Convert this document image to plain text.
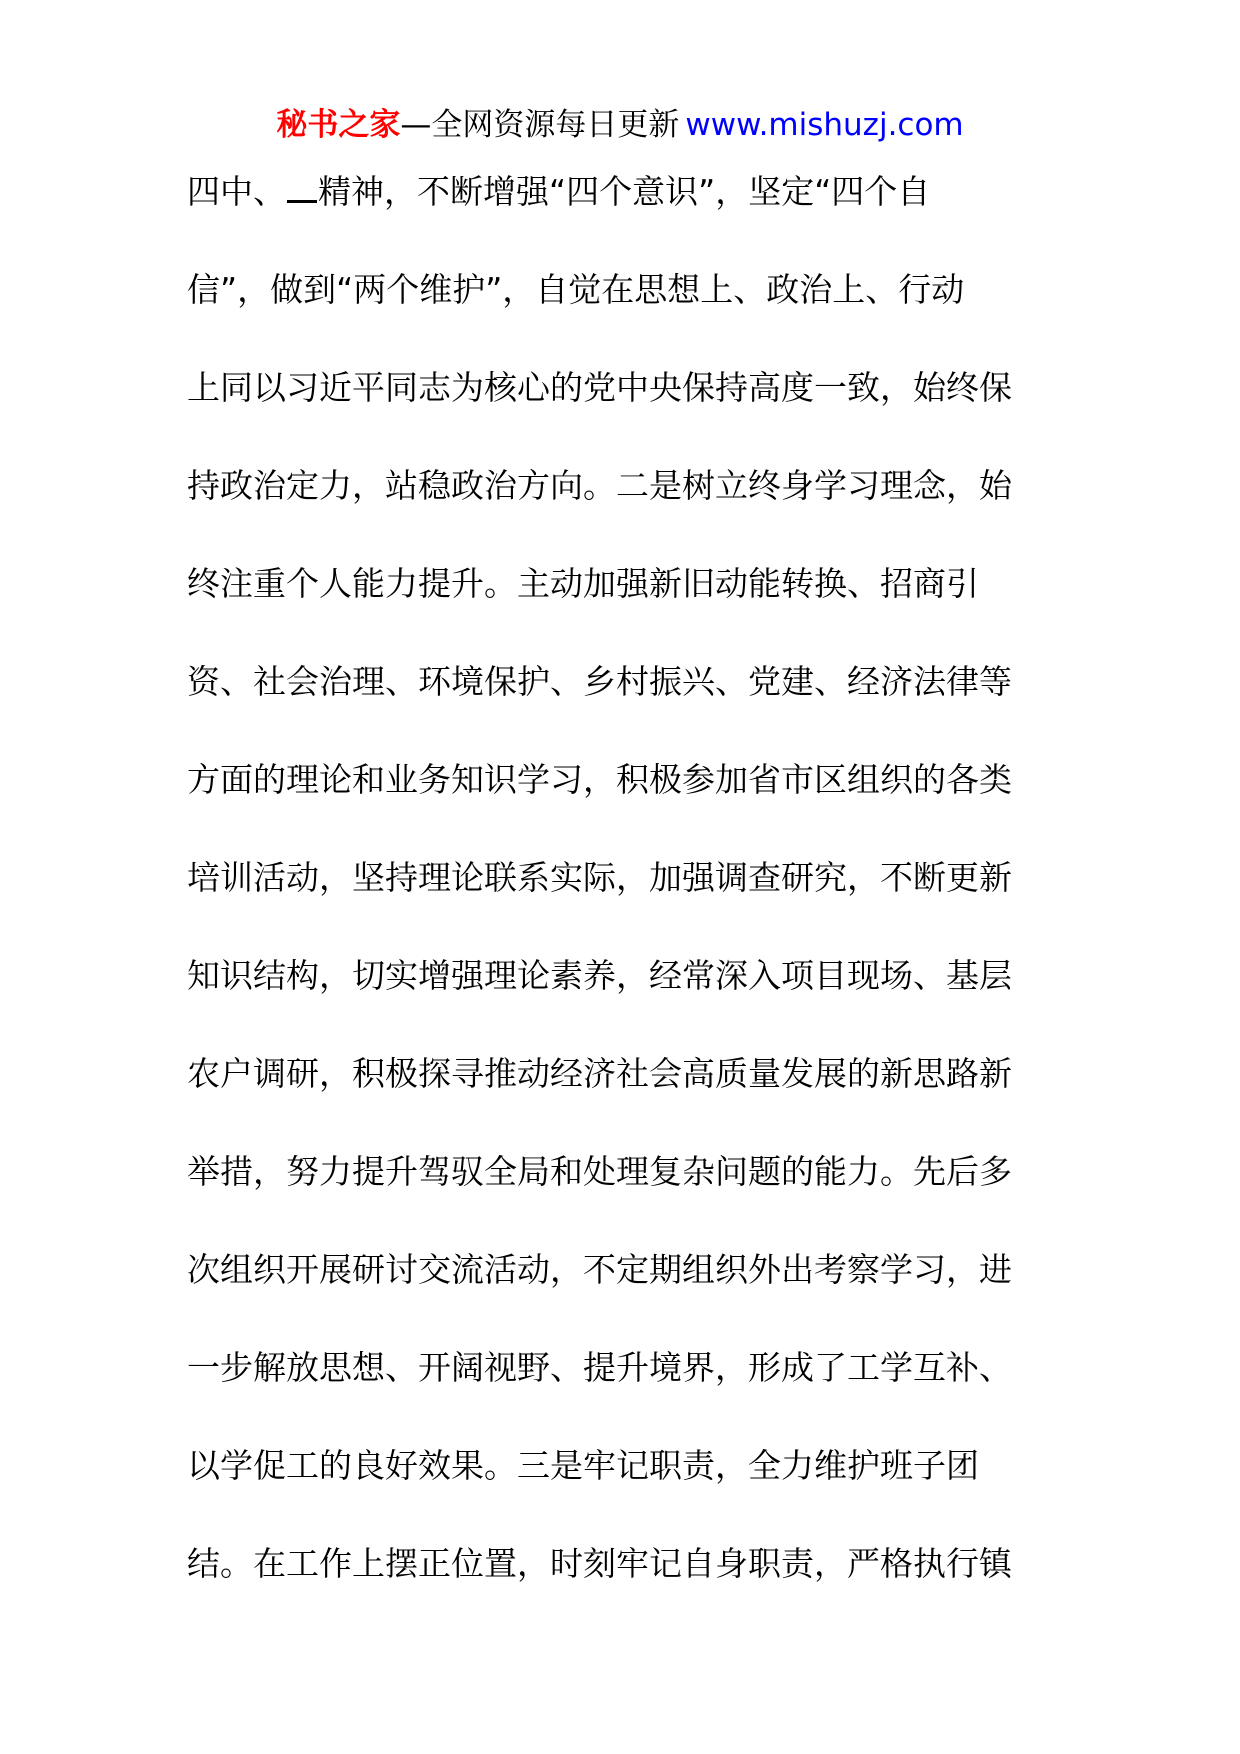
秘书之家—全网资源每日更新 www.mishuzj.com
四中、 精神，不断增强“四个意识”，坚定“四个自
信”，做到“两个维护”，自觉在思想上、政治上、行动
上同以习近平同志为核心的党中央保持高度一致，始终保
持政治定力，站稳政治方向。二是树立终身学习理念，始
终注重个人能力提升。主动加强新旧动能转换、招商引
资、社会治理、环境保护、乡村振兴、党建、经济法律等
方面的理论和业务知识学习，积极参加省市区组织的各类
培训活动，坚持理论联系实际，加强调查研究，不断更新
知识结构，切实增强理论素养，经常深入项目现场、基层
农户调研，积极探寻推动经济社会高质量发展的新思路新
举措，努力提升驾驭全局和处理复杂问题的能力。先后多
次组织开展研讨交流活动，不定期组织外出考察学习，进
一步解放思想、开阔视野、提升境界，形成了工学互补、
以学促工的良好效果。三是牢记职责，全力维护班子团
结。在工作上摆正位置，时刻牢记自身职责，严格执行镇
